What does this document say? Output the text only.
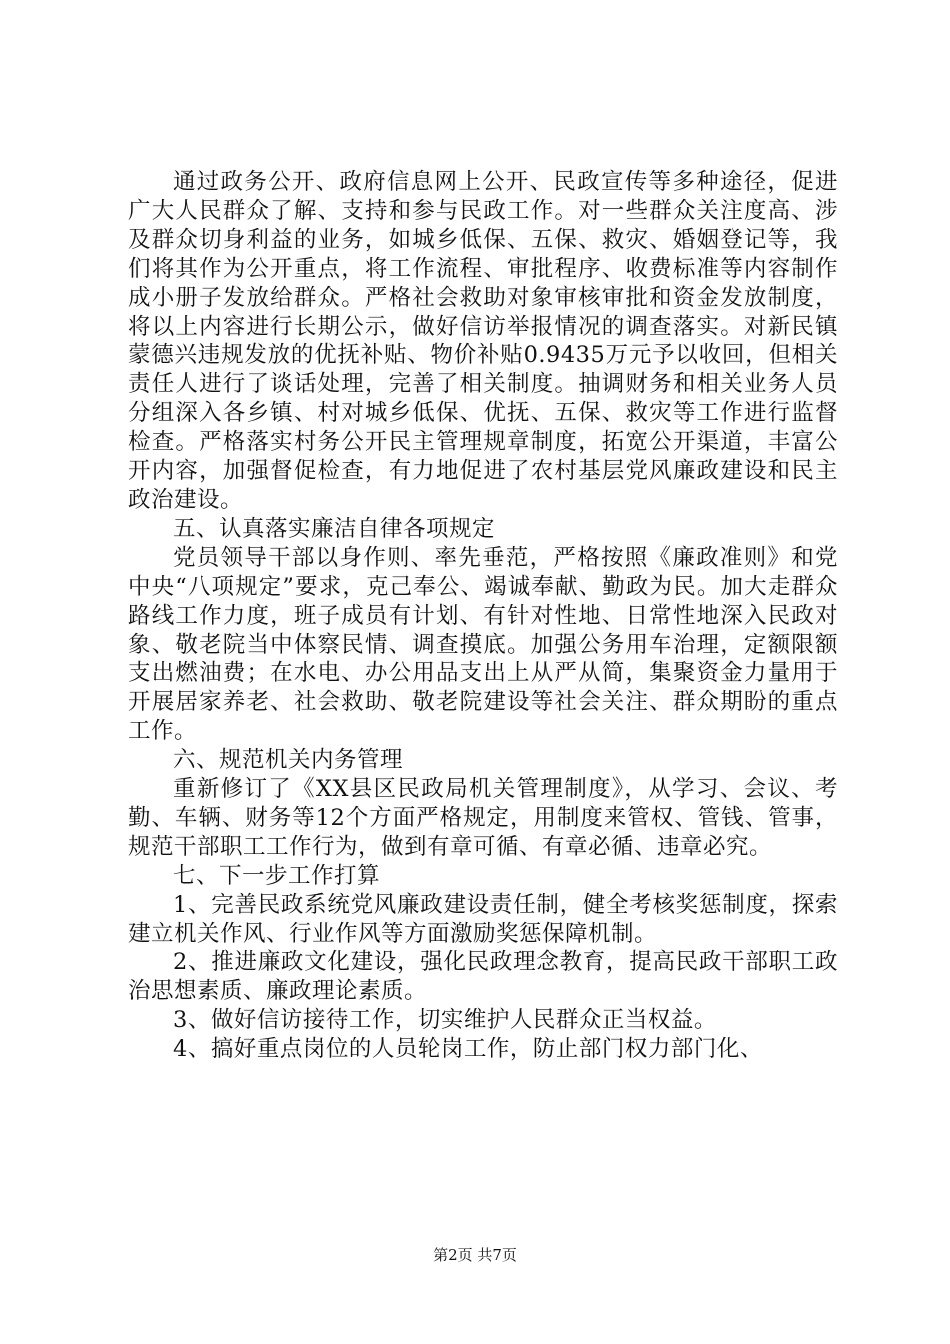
通过政务公开、政府信息网上公开、民政宣传等多种途径，促进广大人民群众了解、支持和参与民政工作。对一些群众关注度高、涉及群众切身利益的业务，如城乡低保、五保、救灾、婚姻登记等，我们将其作为公开重点，将工作流程、审批程序、收费标准等内容制作成小册子发放给群众。严格社会救助对象审核审批和资金发放制度，将以上内容进行长期公示，做好信访举报情况的调查落实。对新民镇蒙德兴违规发放的优抚补贴、物价补贴0.9435万元予以收回，但相关责任人进行了谈话处理，完善了相关制度。抽调财务和相关业务人员分组深入各乡镇、村对城乡低保、优抚、五保、救灾等工作进行监督检查。严格落实村务公开民主管理规章制度，拓宽公开渠道，丰富公开内容，加强督促检查，有力地促进了农村基层党风廉政建设和民主政治建设。

五、认真落实廉洁自律各项规定

党员领导干部以身作则、率先垂范，严格按照《廉政准则》和党中央“八项规定”要求，克己奉公、竭诚奉献、勤政为民。加大走群众路线工作力度，班子成员有计划、有针对性地、日常性地深入民政对象、敬老院当中体察民情、调查摸底。加强公务用车治理，定额限额支出燃油费；在水电、办公用品支出上从严从简，集聚资金力量用于开展居家养老、社会救助、敬老院建设等社会关注、群众期盼的重点工作。

六、规范机关内务管理

重新修订了《XX县区民政局机关管理制度》，从学习、会议、考勤、车辆、财务等12个方面严格规定，用制度来管权、管钱、管事，规范干部职工工作行为，做到有章可循、有章必循、违章必究。

七、下一步工作打算

1、完善民政系统党风廉政建设责任制，健全考核奖惩制度，探索建立机关作风、行业作风等方面激励奖惩保障机制。

2、推进廉政文化建设，强化民政理念教育，提高民政干部职工政治思想素质、廉政理论素质。

3、做好信访接待工作，切实维护人民群众正当权益。

4、搞好重点岗位的人员轮岗工作，防止部门权力部门化、

第2页 共7页
